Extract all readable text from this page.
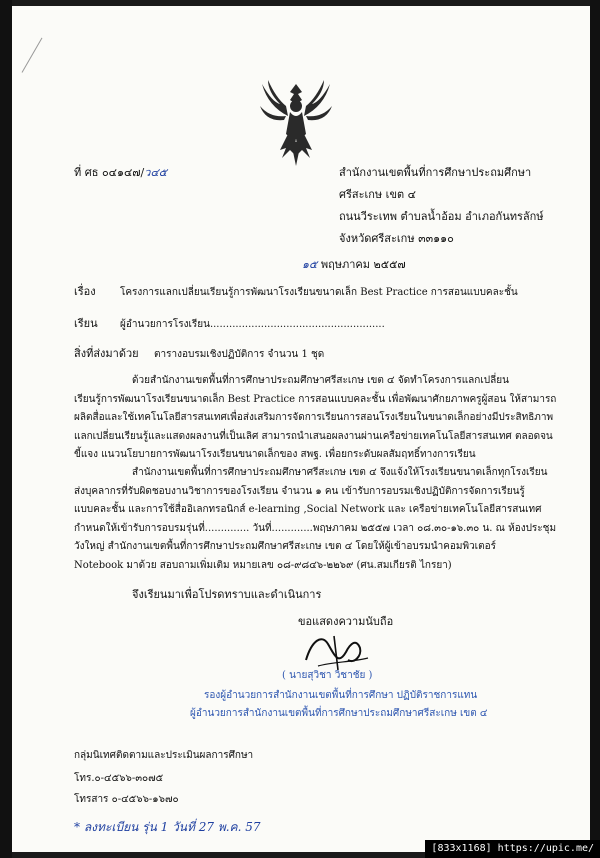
ที่ ศธ ๐๔๑๔๗/ว๔๕	สำนักงานเขตพื้นที่การศึกษาประถมศึกษา
ศรีสะเกษ เขต ๔
ถนนวีระเทพ ตำบลน้ำอ้อม อำเภอกันทรลักษ์
จังหวัดศรีสะเกษ ๓๓๑๑๐
๑๕ พฤษภาคม ๒๕๕๗
เรื่อง โครงการแลกเปลี่ยนเรียนรู้การพัฒนาโรงเรียนขนาดเล็ก Best Practice การสอนแบบคละชั้น
เรียน ผู้อำนวยการโรงเรียน.......................................................
สิ่งที่ส่งมาด้วย ตารางอบรมเชิงปฏิบัติการ จำนวน 1 ชุด
ด้วยสำนักงานเขตพื้นที่การศึกษาประถมศึกษาศรีสะเกษ เขต ๔ จัดทำโครงการแลกเปลี่ยน
เรียนรู้การพัฒนาโรงเรียนขนาดเล็ก Best Practice การสอนแบบคละชั้น เพื่อพัฒนาศักยภาพครูผู้สอน ให้สามารถ
ผลิตสื่อและใช้เทคโนโลยีสารสนเทศเพื่อส่งเสริมการจัดการเรียนการสอนโรงเรียนในขนาดเล็กอย่างมีประสิทธิภาพ
แลกเปลี่ยนเรียนรู้และแสดงผลงานที่เป็นเลิศ สามารถนำเสนอผลงานผ่านเครือข่ายเทคโนโลยีสารสนเทศ ตลอดจน
ขี้แจง แนวนโยบายการพัฒนาโรงเรียนขนาดเล็กของ สพฐ. เพื่อยกระดับผลสัมฤทธิ์ทางการเรียน
สำนักงานเขตพื้นที่การศึกษาประถมศึกษาศรีสะเกษ เขต ๔ จึงแจ้งให้โรงเรียนขนาดเล็กทุกโรงเรียน
ส่งบุคลากรที่รับผิดชอบงานวิชาการของโรงเรียน จำนวน ๑ คน เข้ารับการอบรมเชิงปฏิบัติการจัดการเรียนรู้
แบบคละชั้น และการใช้สื่ออิเลกทรอนิกส์ e-learning ,Social Network และ เครือข่ายเทคโนโลยีสารสนเทศ
กำหนดให้เข้ารับการอบรมรุ่นที่.............. วันที่.............พฤษภาคม ๒๕๕๗ เวลา ๐๘.๓๐-๑๖.๓๐ น. ณ ห้องประชุม
วังใหญ่ สำนักงานเขตพื้นที่การศึกษาประถมศึกษาศรีสะเกษ เขต ๔ โดยให้ผู้เข้าอบรมนำคอมพิวเตอร์
Notebook มาด้วย สอบถามเพิ่มเติม หมายเลข ๐๘-๙๘๔๖-๒๒๖๙ (ศน.สมเกียรติ ไกรยา)
จึงเรียนมาเพื่อโปรดทราบและดำเนินการ
ขอแสดงความนับถือ
( นายสุวิชา วิชาชัย )
รองผู้อำนวยการสำนักงานเขตพื้นที่การศึกษา ปฏิบัติราชการแทน
ผู้อำนวยการสำนักงานเขตพื้นที่การศึกษาประถมศึกษาศรีสะเกษ เขต ๔
กลุ่มนิเทศติดตามและประเมินผลการศึกษา
โทร.๐-๔๕๖๖-๓๐๗๕
โทรสาร ๐-๔๕๖๖-๑๖๗๐
* ลงทะเบียน รุ่น 1 วันที่ 27 พ.ค. 57
[833x1168] https://upic.me/
